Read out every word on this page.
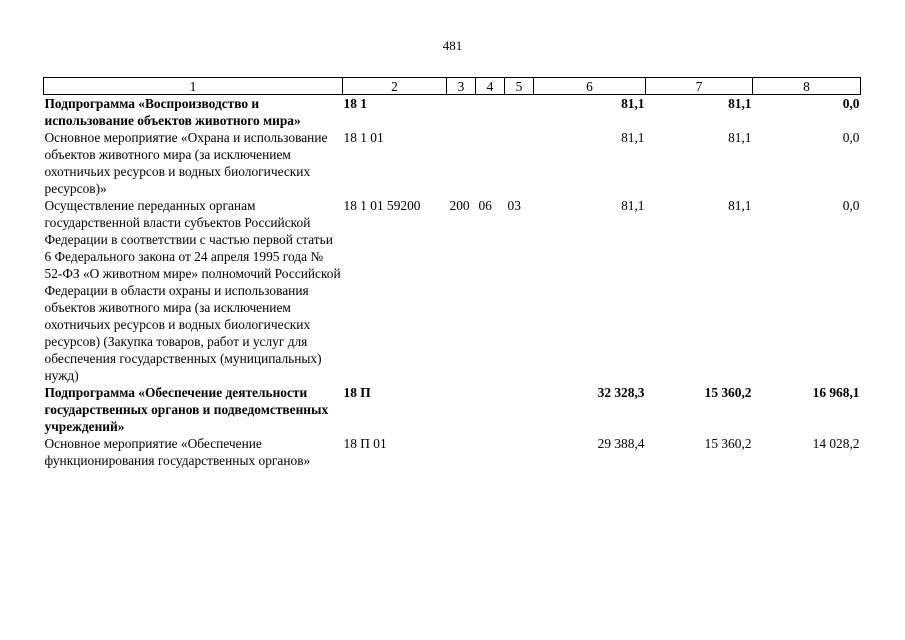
481
1	2	3	4	5	6	7	8
Подпрограмма «Воспроизводство и использование объектов животного мира»	18 1				81,1	81,1	0,0
Основное мероприятие «Охрана и использование объектов животного мира (за исключением охотничьих ресурсов и водных биологических ресурсов)»	18 1 01				81,1	81,1	0,0
Осуществление переданных органам государственной власти субъектов Российской Федерации в соответствии с частью первой статьи 6 Федерального закона от 24 апреля 1995 года № 52-ФЗ «О животном мире» полномочий Российской Федерации в области охраны и использования объектов животного мира (за исключением охотничьих ресурсов и водных биологических ресурсов) (Закупка товаров, работ и услуг для обеспечения государственных (муниципальных) нужд)	18 1 01 59200	200	06	03	81,1	81,1	0,0
Подпрограмма «Обеспечение деятельности государственных органов и подведомственных учреждений»	18 П				32 328,3	15 360,2	16 968,1
Основное мероприятие «Обеспечение функционирования государственных органов»	18 П 01				29 388,4	15 360,2	14 028,2
